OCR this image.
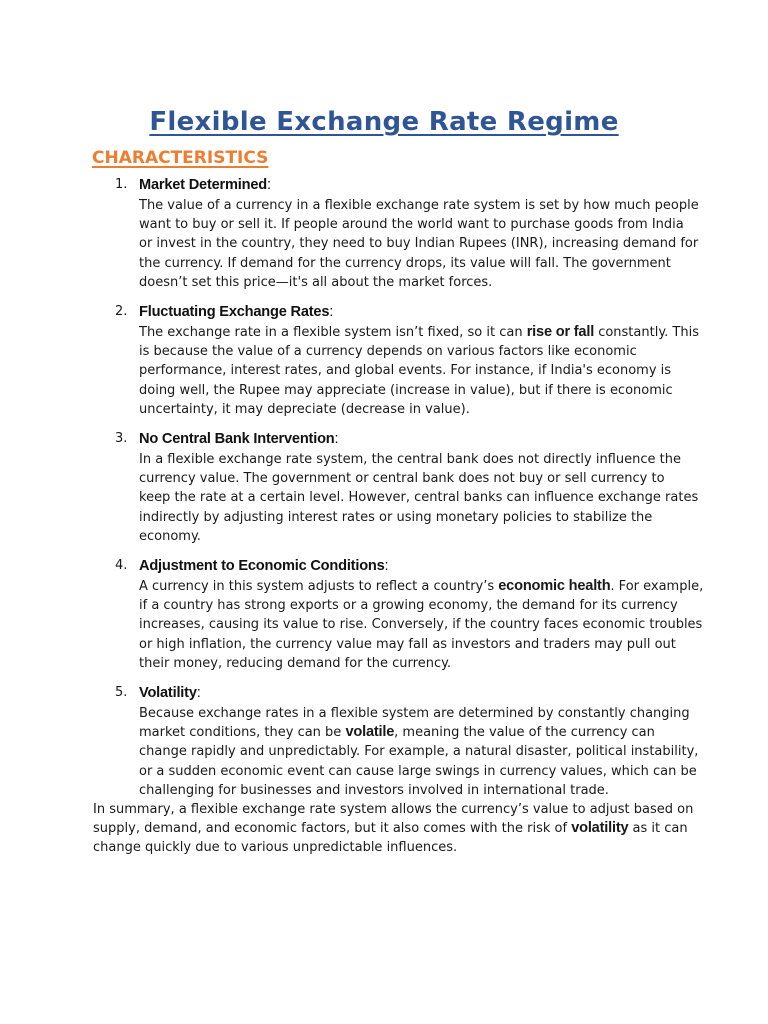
Flexible Exchange Rate Regime
CHARACTERISTICS
1. Market Determined:
The value of a currency in a flexible exchange rate system is set by how much people
want to buy or sell it. If people around the world want to purchase goods from India
or invest in the country, they need to buy Indian Rupees (INR), increasing demand for
the currency. If demand for the currency drops, its value will fall. The government
doesn’t set this price—it's all about the market forces.
2. Fluctuating Exchange Rates:
The exchange rate in a flexible system isn’t fixed, so it can rise or fall constantly. This
is because the value of a currency depends on various factors like economic
performance, interest rates, and global events. For instance, if India's economy is
doing well, the Rupee may appreciate (increase in value), but if there is economic
uncertainty, it may depreciate (decrease in value).
3. No Central Bank Intervention:
In a flexible exchange rate system, the central bank does not directly influence the
currency value. The government or central bank does not buy or sell currency to
keep the rate at a certain level. However, central banks can influence exchange rates
indirectly by adjusting interest rates or using monetary policies to stabilize the
economy.
4. Adjustment to Economic Conditions:
A currency in this system adjusts to reflect a country’s economic health. For example,
if a country has strong exports or a growing economy, the demand for its currency
increases, causing its value to rise. Conversely, if the country faces economic troubles
or high inflation, the currency value may fall as investors and traders may pull out
their money, reducing demand for the currency.
5. Volatility:
Because exchange rates in a flexible system are determined by constantly changing
market conditions, they can be volatile, meaning the value of the currency can
change rapidly and unpredictably. For example, a natural disaster, political instability,
or a sudden economic event can cause large swings in currency values, which can be
challenging for businesses and investors involved in international trade.
In summary, a flexible exchange rate system allows the currency’s value to adjust based on
supply, demand, and economic factors, but it also comes with the risk of volatility as it can
change quickly due to various unpredictable influences.
